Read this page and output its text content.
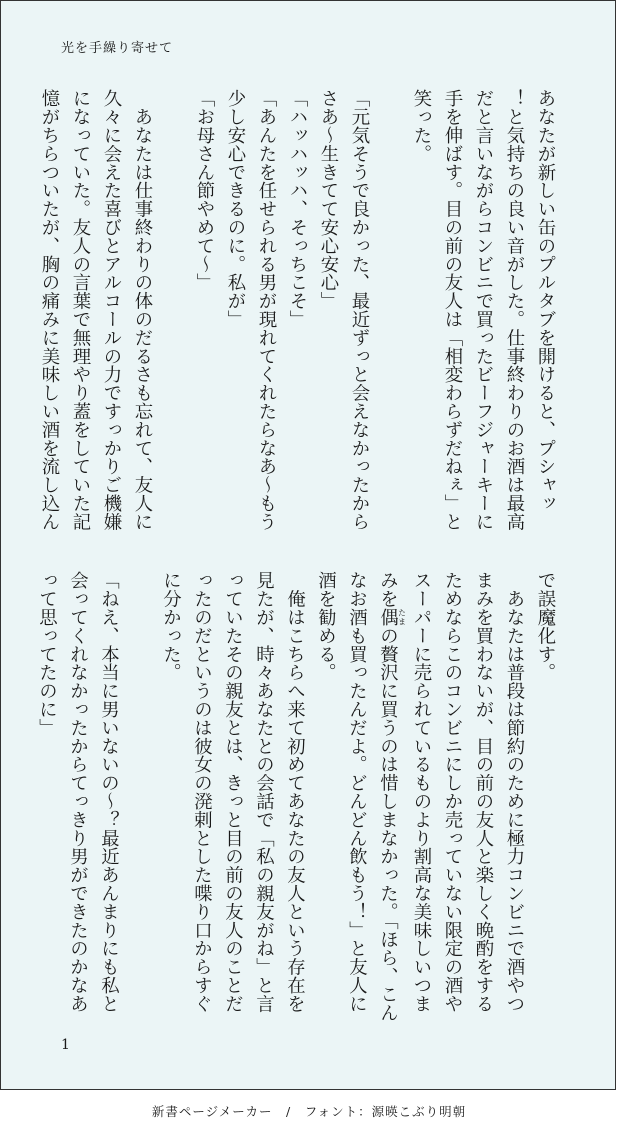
光を手繰り寄せて
あなたが新しい缶のプルタブを開けると、プシャッ
！と気持ちの良い音がした。仕事終わりのお酒は最高
だと言いながらコンビニで買ったビーフジャーキーに
手を伸ばす。目の前の友人は「相変わらずだねぇ」と
笑った。
「元気そうで良かった、最近ずっと会えなかったから
さあ〜生きてて安心安心」
「ハッハッハ、そっちこそ」
「あんたを任せられる男が現れてくれたらなあ〜もう
少し安心できるのに。私が」
「お母さん節やめて〜」
　あなたは仕事終わりの体のだるさも忘れて、友人に
久々に会えた喜びとアルコールの力ですっかりご機嫌
になっていた。友人の言葉で無理やり蓋をしていた記
憶がちらついたが、胸の痛みに美味しい酒を流し込ん
で誤魔化す。
　あなたは普段は節約のために極力コンビニで酒やつ
まみを買わないが、目の前の友人と楽しく晩酌をする
ためならこのコンビニにしか売っていない限定の酒や
スーパーに売られているものより割高な美味しいつま
みを偶 たまの贅沢に買うのは惜しまなかった。「ほら、こん
なお酒も買ったんだよ。どんどん飲もう！」と友人に
酒を勧める。
　俺はこちらへ来て初めてあなたの友人という存在を
見たが、時々あなたとの会話で「私の親友がね」と言
っていたその親友とは、きっと目の前の友人のことだ
ったのだというのは彼女の溌剌とした喋り口からすぐ
に分かった。
「ねえ、本当に男いないの〜？最近あんまりにも私と
会ってくれなかったからてっきり男ができたのかなあ
って思ってたのに」
1
新書ページメーカー　/　フォント：源暎こぶり明朝
